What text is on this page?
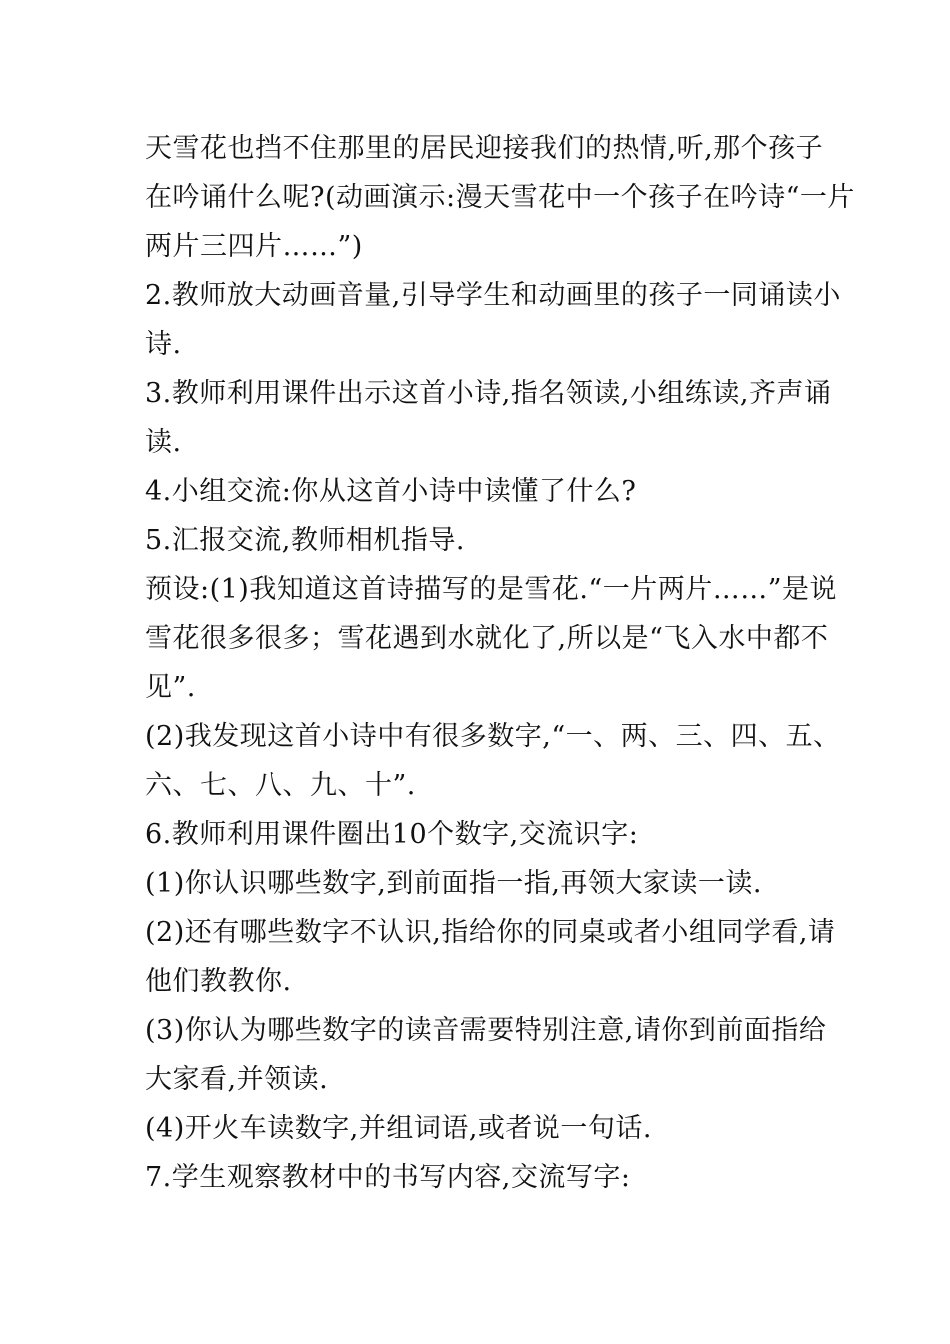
天雪花也挡不住那里的居民迎接我们的热情,听,那个孩子
在吟诵什么呢?(动画演示:漫天雪花中一个孩子在吟诗“一片
两片三四片……”)
2.教师放大动画音量,引导学生和动画里的孩子一同诵读小
诗.
3.教师利用课件出示这首小诗,指名领读,小组练读,齐声诵
读.
4.小组交流:你从这首小诗中读懂了什么?
5.汇报交流,教师相机指导.
预设:(1)我知道这首诗描写的是雪花.“一片两片……”是说
雪花很多很多；雪花遇到水就化了,所以是“飞入水中都不
见”.
(2)我发现这首小诗中有很多数字,“一、两、三、四、五、
六、七、八、九、十”.
6.教师利用课件圈出10个数字,交流识字:
(1)你认识哪些数字,到前面指一指,再领大家读一读.
(2)还有哪些数字不认识,指给你的同桌或者小组同学看,请
他们教教你.
(3)你认为哪些数字的读音需要特别注意,请你到前面指给
大家看,并领读.
(4)开火车读数字,并组词语,或者说一句话.
7.学生观察教材中的书写内容,交流写字:
